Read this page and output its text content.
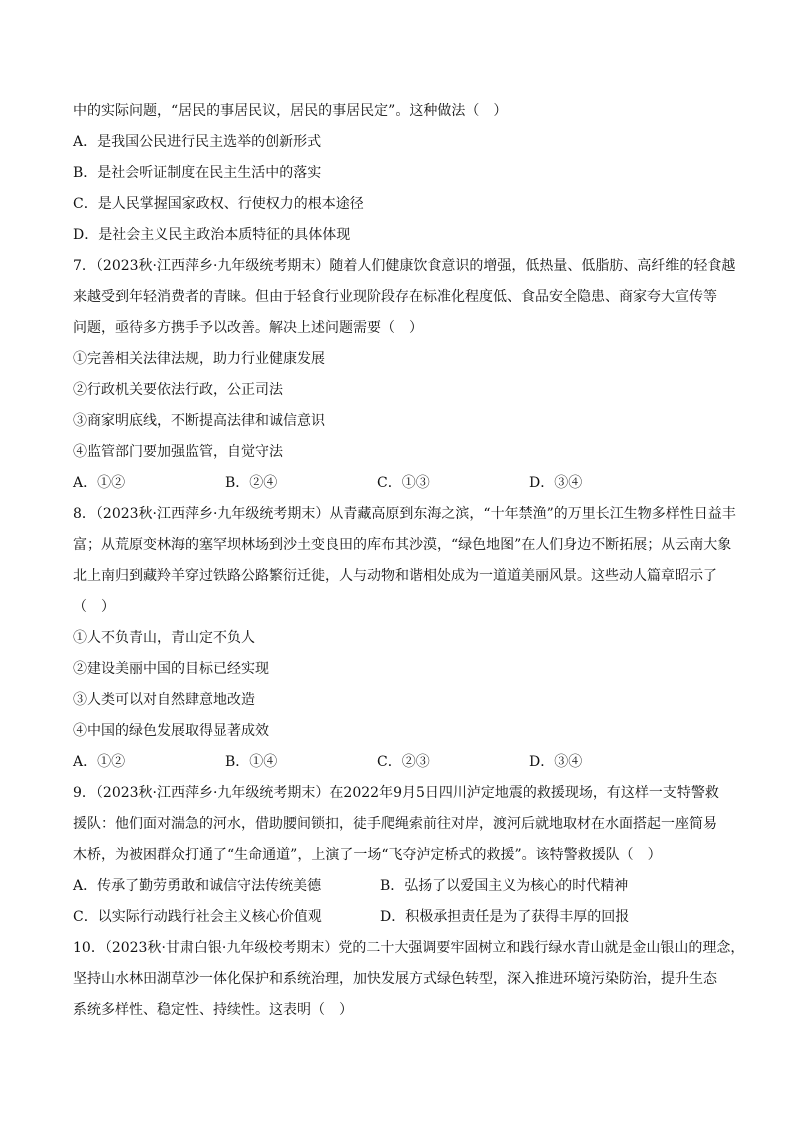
中的实际问题，“居民的事居民议，居民的事居民定”。这种做法（　）
A．是我国公民进行民主选举的创新形式
B．是社会听证制度在民主生活中的落实
C．是人民掌握国家政权、行使权力的根本途径
D．是社会主义民主政治本质特征的具体体现
7．（2023秋·江西萍乡·九年级统考期末）随着人们健康饮食意识的增强，低热量、低脂肪、高纤维的轻食越
来越受到年轻消费者的青睐。但由于轻食行业现阶段存在标准化程度低、食品安全隐患、商家夸大宣传等
问题，亟待多方携手予以改善。解决上述问题需要（　）
①完善相关法律法规，助力行业健康发展
②行政机关要依法行政，公正司法
③商家明底线，不断提高法律和诚信意识
④监管部门要加强监管，自觉守法
A．①②	B．②④	C．①③	D．③④
8．（2023秋·江西萍乡·九年级统考期末）从青藏高原到东海之滨，“十年禁渔”的万里长江生物多样性日益丰
富；从荒原变林海的塞罕坝林场到沙土变良田的库布其沙漠，“绿色地图”在人们身边不断拓展；从云南大象
北上南归到藏羚羊穿过铁路公路繁衍迁徙，人与动物和谐相处成为一道道美丽风景。这些动人篇章昭示了
（　）
①人不负青山，青山定不负人
②建设美丽中国的目标已经实现
③人类可以对自然肆意地改造
④中国的绿色发展取得显著成效
A．①②	B．①④	C．②③	D．③④
9．（2023秋·江西萍乡·九年级统考期末）在2022年9月5日四川泸定地震的救援现场，有这样一支特警救
援队：他们面对湍急的河水，借助腰间锁扣，徒手爬绳索前往对岸，渡河后就地取材在水面搭起一座简易
木桥，为被困群众打通了“生命通道”，上演了一场“飞夺泸定桥式的救援”。该特警救援队（　）
A．传承了勤劳勇敢和诚信守法传统美德	B．弘扬了以爱国主义为核心的时代精神
C．以实际行动践行社会主义核心价值观	D．积极承担责任是为了获得丰厚的回报
10．（2023秋·甘肃白银·九年级校考期末）党的二十大强调要牢固树立和践行绿水青山就是金山银山的理念，
坚持山水林田湖草沙一体化保护和系统治理，加快发展方式绿色转型，深入推进环境污染防治，提升生态
系统多样性、稳定性、持续性。这表明（　）
